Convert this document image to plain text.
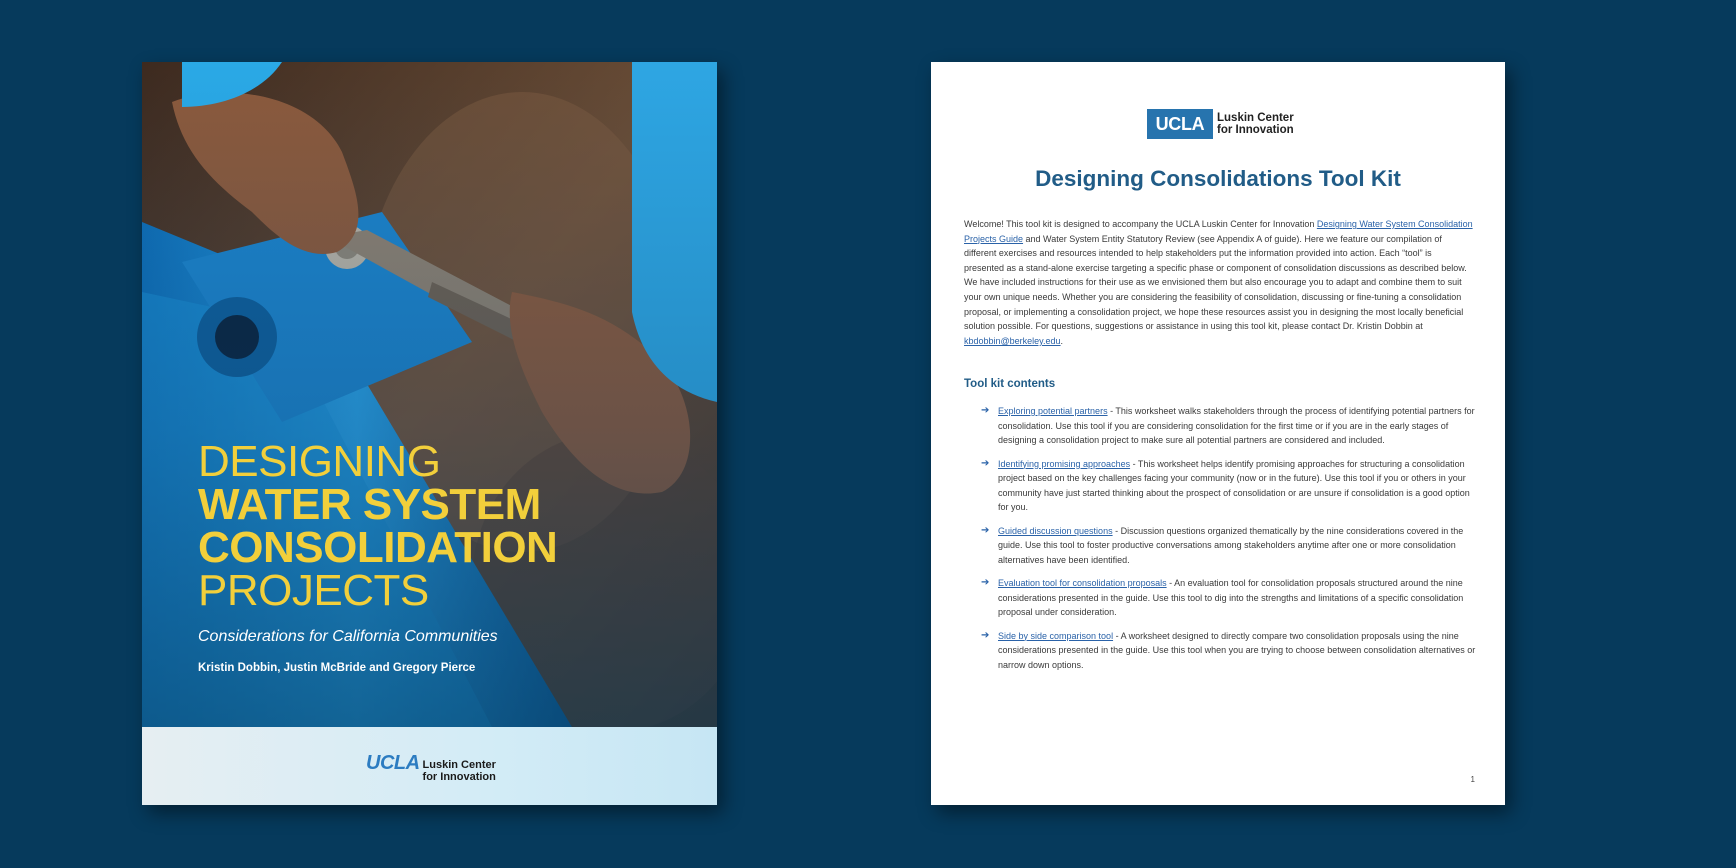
DESIGNING
WATER SYSTEM
CONSOLIDATION
PROJECTS
Considerations for California Communities
Kristin Dobbin, Justin McBride and Gregory Pierce
UCLA Luskin Center
for Innovation
UCLA	Luskin Center
for Innovation
Designing Consolidations Tool Kit
Welcome! This tool kit is designed to accompany the UCLA Luskin Center for Innovation Designing Water System Consolidation Projects Guide and Water System Entity Statutory Review (see Appendix A of guide). Here we feature our compilation of different exercises and resources intended to help stakeholders put the information provided into action. Each “tool” is presented as a stand-alone exercise targeting a specific phase or component of consolidation discussions as described below. We have included instructions for their use as we envisioned them but also encourage you to adapt and combine them to suit your own unique needs. Whether you are considering the feasibility of consolidation, discussing or fine-tuning a consolidation proposal, or implementing a consolidation project, we hope these resources assist you in designing the most locally beneficial solution possible. For questions, suggestions or assistance in using this tool kit, please contact Dr. Kristin Dobbin at kbdobbin@berkeley.edu.
Tool kit contents
➔ Exploring potential partners - This worksheet walks stakeholders through the process of identifying potential partners for consolidation. Use this tool if you are considering consolidation for the first time or if you are in the early stages of designing a consolidation project to make sure all potential partners are considered and included.
➔ Identifying promising approaches - This worksheet helps identify promising approaches for structuring a consolidation project based on the key challenges facing your community (now or in the future). Use this tool if you or others in your community have just started thinking about the prospect of consolidation or are unsure if consolidation is a good option for you.
➔ Guided discussion questions - Discussion questions organized thematically by the nine considerations covered in the guide. Use this tool to foster productive conversations among stakeholders anytime after one or more consolidation alternatives have been identified.
➔ Evaluation tool for consolidation proposals - An evaluation tool for consolidation proposals structured around the nine considerations presented in the guide. Use this tool to dig into the strengths and limitations of a specific consolidation proposal under consideration.
➔ Side by side comparison tool - A worksheet designed to directly compare two consolidation proposals using the nine considerations presented in the guide. Use this tool when you are trying to choose between consolidation alternatives or narrow down options.
1
